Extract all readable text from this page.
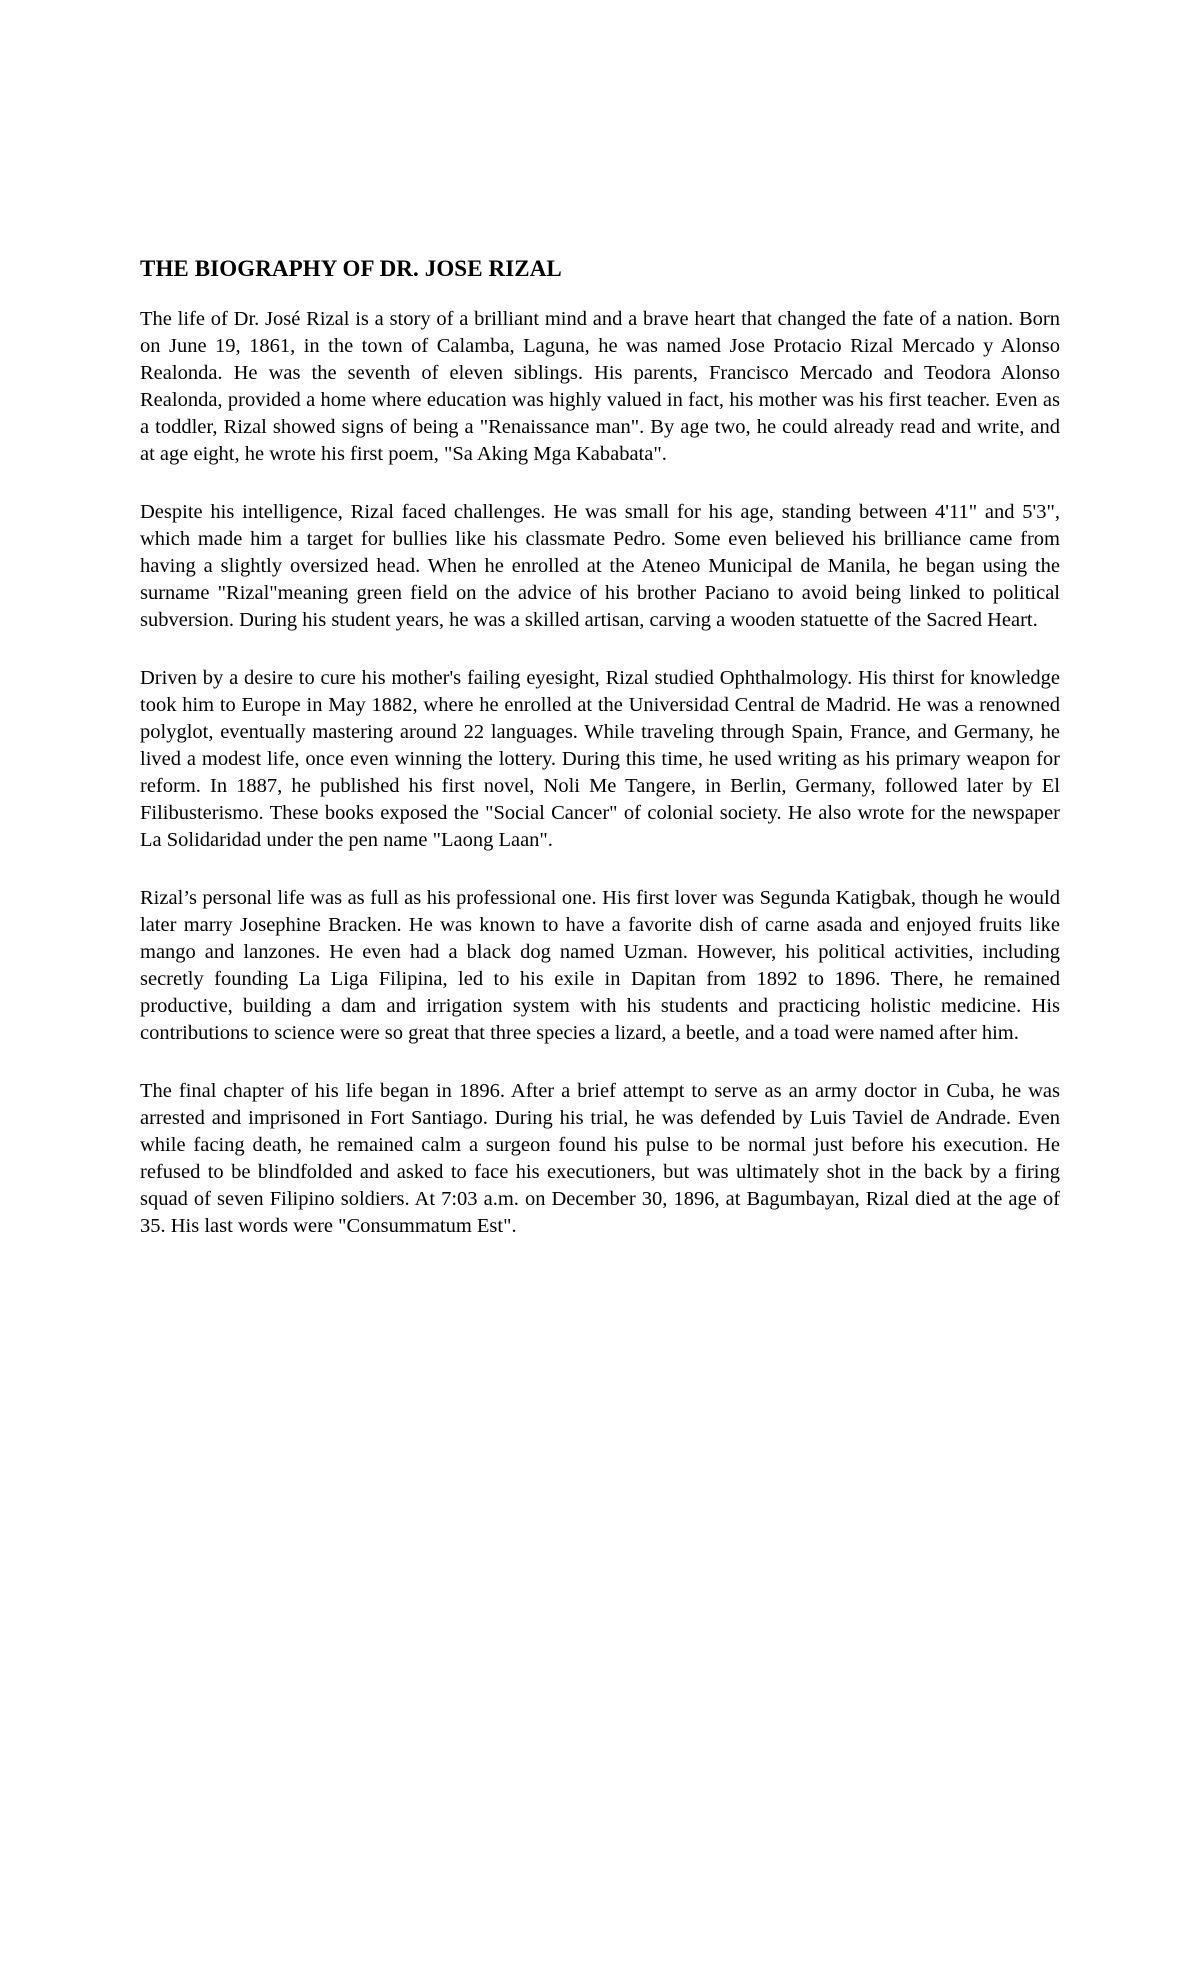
THE BIOGRAPHY OF DR. JOSE RIZAL

The life of Dr. José Rizal is a story of a brilliant mind and a brave heart that changed the fate of a nation. Born on June 19, 1861, in the town of Calamba, Laguna, he was named Jose Protacio Rizal Mercado y Alonso Realonda. He was the seventh of eleven siblings. His parents, Francisco Mercado and Teodora Alonso Realonda, provided a home where education was highly valued in fact, his mother was his first teacher. Even as a toddler, Rizal showed signs of being a "Renaissance man". By age two, he could already read and write, and at age eight, he wrote his first poem, "Sa Aking Mga Kababata".

Despite his intelligence, Rizal faced challenges. He was small for his age, standing between 4'11" and 5'3", which made him a target for bullies like his classmate Pedro. Some even believed his brilliance came from having a slightly oversized head. When he enrolled at the Ateneo Municipal de Manila, he began using the surname "Rizal"meaning green field on the advice of his brother Paciano to avoid being linked to political subversion. During his student years, he was a skilled artisan, carving a wooden statuette of the Sacred Heart.

Driven by a desire to cure his mother's failing eyesight, Rizal studied Ophthalmology. His thirst for knowledge took him to Europe in May 1882, where he enrolled at the Universidad Central de Madrid. He was a renowned polyglot, eventually mastering around 22 languages. While traveling through Spain, France, and Germany, he lived a modest life, once even winning the lottery. During this time, he used writing as his primary weapon for reform. In 1887, he published his first novel, Noli Me Tangere, in Berlin, Germany, followed later by El Filibusterismo. These books exposed the "Social Cancer" of colonial society. He also wrote for the newspaper La Solidaridad under the pen name "Laong Laan".

Rizal’s personal life was as full as his professional one. His first lover was Segunda Katigbak, though he would later marry Josephine Bracken. He was known to have a favorite dish of carne asada and enjoyed fruits like mango and lanzones. He even had a black dog named Uzman. However, his political activities, including secretly founding La Liga Filipina, led to his exile in Dapitan from 1892 to 1896. There, he remained productive, building a dam and irrigation system with his students and practicing holistic medicine. His contributions to science were so great that three species a lizard, a beetle, and a toad were named after him.

The final chapter of his life began in 1896. After a brief attempt to serve as an army doctor in Cuba, he was arrested and imprisoned in Fort Santiago. During his trial, he was defended by Luis Taviel de Andrade. Even while facing death, he remained calm a surgeon found his pulse to be normal just before his execution. He refused to be blindfolded and asked to face his executioners, but was ultimately shot in the back by a firing squad of seven Filipino soldiers. At 7:03 a.m. on December 30, 1896, at Bagumbayan, Rizal died at the age of 35. His last words were "Consummatum Est".
